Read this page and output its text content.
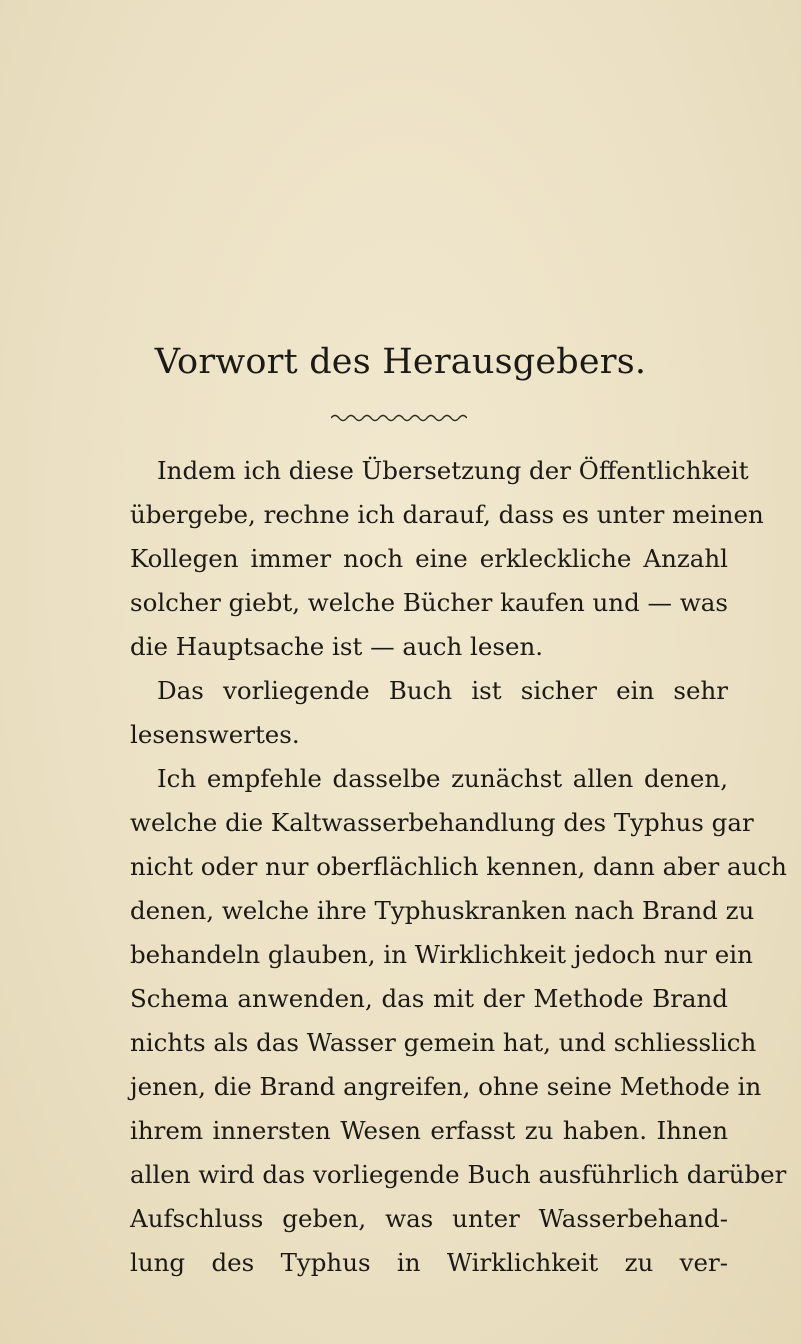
Vorwort des Herausgebers.
Indem ich diese Übersetzung der Öffentlichkeit
übergebe, rechne ich darauf, dass es unter meinen
Kollegen immer noch eine erkleckliche Anzahl
solcher giebt, welche Bücher kaufen und — was
die Hauptsache ist — auch lesen.
Das vorliegende Buch ist sicher ein sehr
lesenswertes.
Ich empfehle dasselbe zunächst allen denen,
welche die Kaltwasserbehandlung des Typhus gar
nicht oder nur oberflächlich kennen, dann aber auch
denen, welche ihre Typhuskranken nach Brand zu
behandeln glauben, in Wirklichkeit jedoch nur ein
Schema anwenden, das mit der Methode Brand
nichts als das Wasser gemein hat, und schliesslich
jenen, die Brand angreifen, ohne seine Methode in
ihrem innersten Wesen erfasst zu haben. Ihnen
allen wird das vorliegende Buch ausführlich darüber
Aufschluss geben, was unter Wasserbehand-
lung des Typhus in Wirklichkeit zu ver-
